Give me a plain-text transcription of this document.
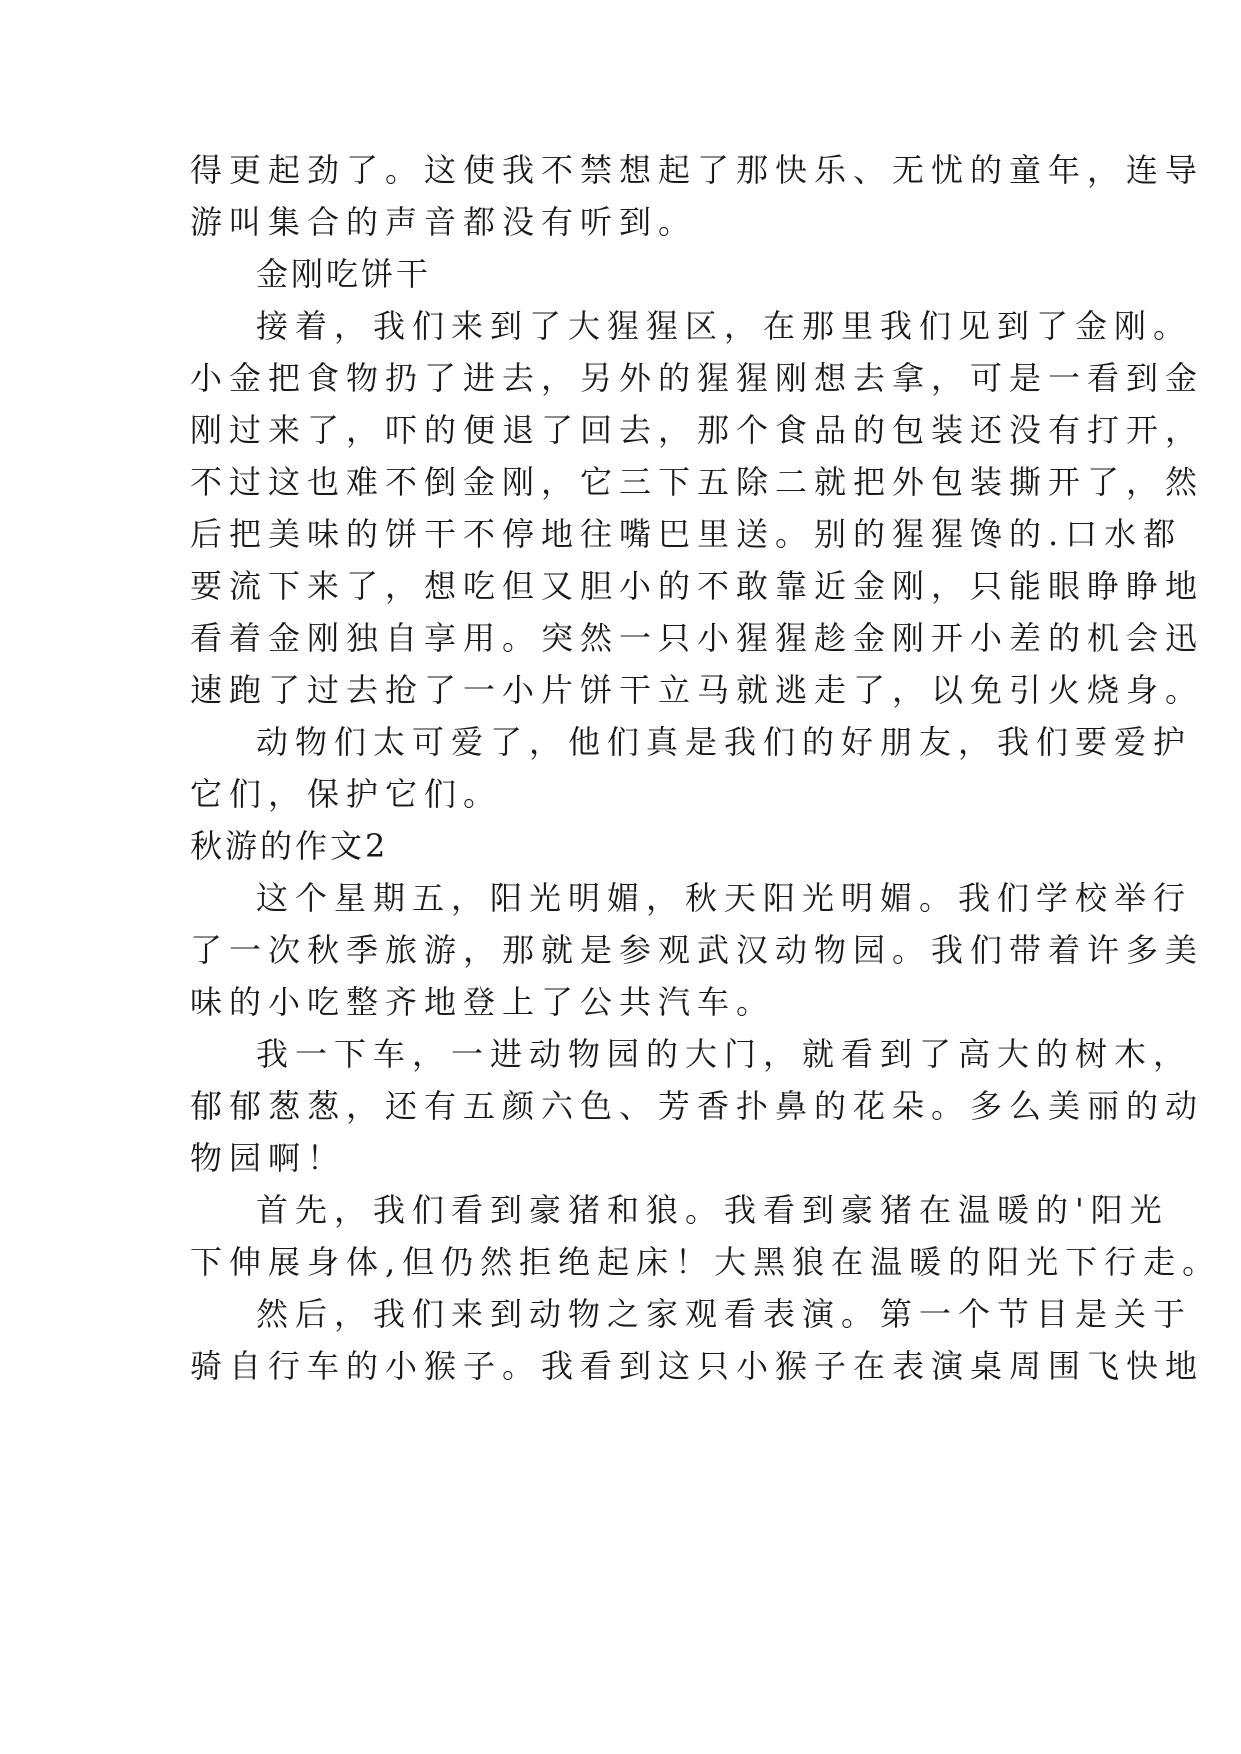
得更起劲了。这使我不禁想起了那快乐、无忧的童年，连导
游叫集合的声音都没有听到。
金刚吃饼干
接着，我们来到了大猩猩区，在那里我们见到了金刚。
小金把食物扔了进去，另外的猩猩刚想去拿，可是一看到金
刚过来了，吓的便退了回去，那个食品的包装还没有打开，
不过这也难不倒金刚，它三下五除二就把外包装撕开了，然
后把美味的饼干不停地往嘴巴里送。别的猩猩馋的.口水都
要流下来了，想吃但又胆小的不敢靠近金刚，只能眼睁睁地
看着金刚独自享用。突然一只小猩猩趁金刚开小差的机会迅
速跑了过去抢了一小片饼干立马就逃走了，以免引火烧身。
动物们太可爱了，他们真是我们的好朋友，我们要爱护
它们，保护它们。
秋游的作文2
这个星期五，阳光明媚，秋天阳光明媚。我们学校举行
了一次秋季旅游，那就是参观武汉动物园。我们带着许多美
味的小吃整齐地登上了公共汽车。
我一下车，一进动物园的大门，就看到了高大的树木，
郁郁葱葱，还有五颜六色、芳香扑鼻的花朵。多么美丽的动
物园啊！
首先，我们看到豪猪和狼。我看到豪猪在温暖的'阳光
下伸展身体,但仍然拒绝起床！大黑狼在温暖的阳光下行走。
然后，我们来到动物之家观看表演。第一个节目是关于
骑自行车的小猴子。我看到这只小猴子在表演桌周围飞快地
